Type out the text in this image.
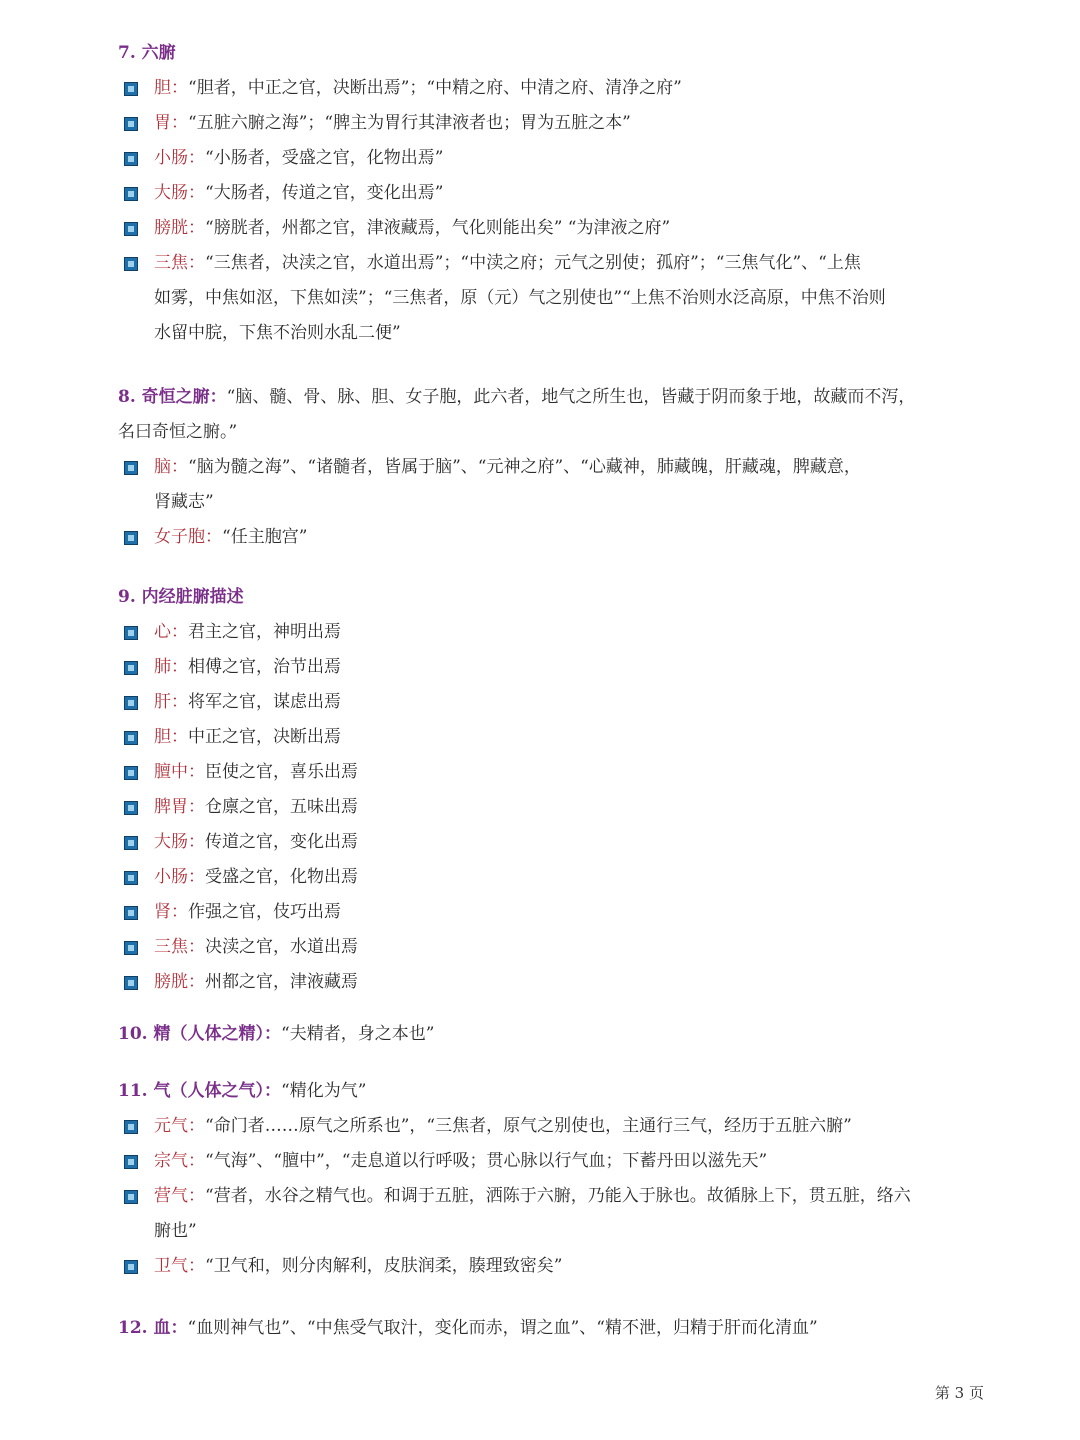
7. 六腑
胆：“胆者，中正之官，决断出焉”；“中精之府、中清之府、清净之府”
胃：“五脏六腑之海”；“脾主为胃行其津液者也；胃为五脏之本”
小肠：“小肠者，受盛之官，化物出焉”
大肠：“大肠者，传道之官，变化出焉”
膀胱：“膀胱者，州都之官，津液藏焉，气化则能出矣” “为津液之府”
三焦：“三焦者，决渎之官，水道出焉”；“中渎之府；元气之别使；孤府”；“三焦气化”、“上焦
如雾，中焦如沤，下焦如渎”；“三焦者，原（元）气之别使也”“上焦不治则水泛高原，中焦不治则
水留中脘，下焦不治则水乱二便”
8. 奇恒之腑：“脑、髓、骨、脉、胆、女子胞，此六者，地气之所生也，皆藏于阴而象于地，故藏而不泻，
名曰奇恒之腑。”
脑：“脑为髓之海”、“诸髓者，皆属于脑”、“元神之府”、“心藏神，肺藏魄，肝藏魂，脾藏意，
肾藏志”
女子胞：“任主胞宫”
9. 内经脏腑描述
心：君主之官，神明出焉
肺：相傅之官，治节出焉
肝：将军之官，谋虑出焉
胆：中正之官，决断出焉
膻中：臣使之官，喜乐出焉
脾胃：仓廪之官，五味出焉
大肠：传道之官，变化出焉
小肠：受盛之官，化物出焉
肾：作强之官，伎巧出焉
三焦：决渎之官，水道出焉
膀胱：州都之官，津液藏焉
10. 精（人体之精）：“夫精者，身之本也”
11. 气（人体之气）：“精化为气”
元气：“命门者……原气之所系也”，“三焦者，原气之别使也，主通行三气，经历于五脏六腑”
宗气：“气海”、“膻中”，“走息道以行呼吸；贯心脉以行气血；下蓄丹田以滋先天”
营气：“营者，水谷之精气也。和调于五脏，洒陈于六腑，乃能入于脉也。故循脉上下，贯五脏，络六
腑也”
卫气：“卫气和，则分肉解利，皮肤润柔，腠理致密矣”
12. 血：“血则神气也”、“中焦受气取汁，变化而赤，谓之血”、“精不泄，归精于肝而化清血”
第 3 页
